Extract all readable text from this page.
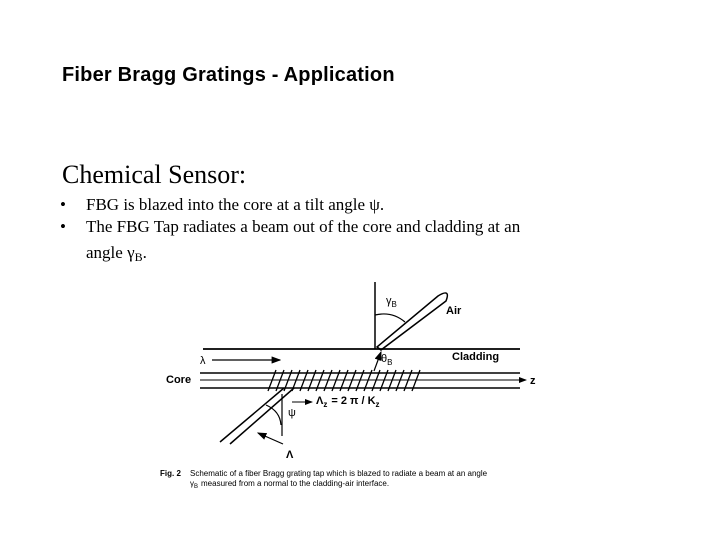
Fiber Bragg Gratings - Application
Chemical Sensor:
•	FBG is blazed into the core at a tilt angle ψ.
•	The FBG Tap radiates a beam out of the core and cladding at an
angle $\gamma_B$.
$\gamma_B$
Air
λ	$\theta_B$	Cladding
Core	z
$\Lambda_z = 2$ π / $K_z$
ψ
Λ
Fig. 2 Schematic of a fiber Bragg grating tap which is blazed to radiate a beam at an angle
$\gamma_B$ measured from a normal to the cladding-air interface.
